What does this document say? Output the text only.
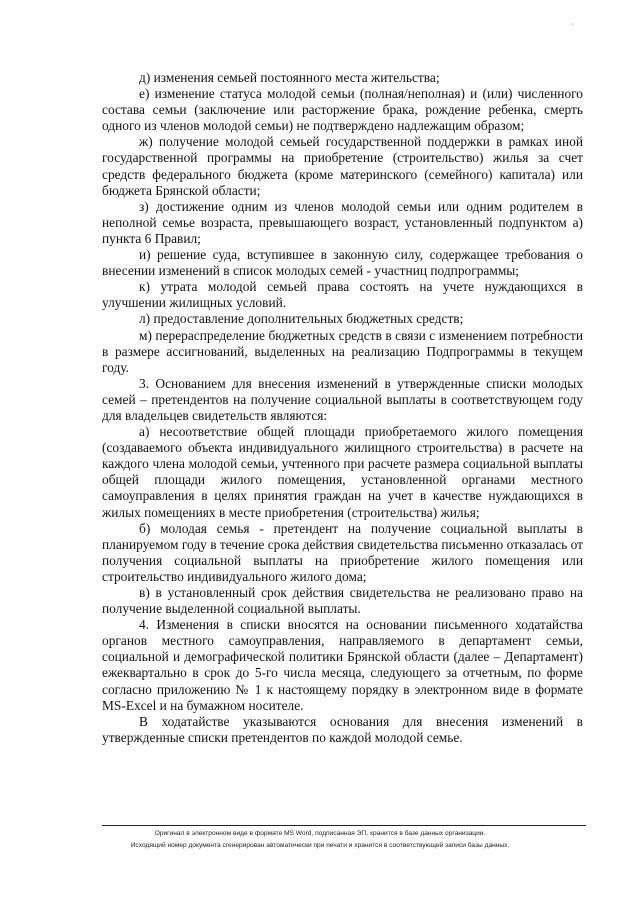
'

д) изменения семьей постоянного места жительства;

е) изменение статуса молодой семьи (полная/неполная) и (или) численного состава семьи (заключение или расторжение брака, рождение ребенка, смерть одного из членов молодой семьи) не подтверждено надлежащим образом;

ж) получение молодой семьей государственной поддержки в рамках иной государственной программы на приобретение (строительство) жилья за счет средств федерального бюджета (кроме материнского (семейного) капитала) или бюджета Брянской области;

з) достижение одним из членов молодой семьи или одним родителем в неполной семье возраста, превышающего возраст, установленный подпунктом а) пункта 6 Правил;

и) решение суда, вступившее в законную силу, содержащее требования о внесении изменений в список молодых семей - участниц подпрограммы;

к) утрата молодой семьей права состоять на учете нуждающихся в улучшении жилищных условий.

л) предоставление дополнительных бюджетных средств;

м) перераспределение бюджетных средств в связи с изменением потребности в размере ассигнований, выделенных на реализацию Подпрограммы в текущем году.

3. Основанием для внесения изменений в утвержденные списки молодых семей – претендентов на получение социальной выплаты в соответствующем году для владельцев свидетельств являются:

а) несоответствие общей площади приобретаемого жилого помещения (создаваемого объекта индивидуального жилищного строительства) в расчете на каждого члена молодой семьи, учтенного при расчете размера социальной выплаты общей площади жилого помещения, установленной органами местного самоуправления в целях принятия граждан на учет в качестве нуждающихся в жилых помещениях в месте приобретения (строительства) жилья;

б) молодая семья - претендент на получение социальной выплаты в планируемом году в течение срока действия свидетельства письменно отказалась от получения социальной выплаты на приобретение жилого помещения или строительство индивидуального жилого дома;

в) в установленный срок действия свидетельства не реализовано право на получение выделенной социальной выплаты.

4. Изменения в списки вносятся на основании письменного ходатайства органов местного самоуправления, направляемого в департамент семьи, социальной и демографической политики Брянской области (далее – Департамент) ежеквартально в срок до 5-го числа месяца, следующего за отчетным, по форме согласно приложению № 1 к настоящему порядку в электронном виде в формате MS-Excel и на бумажном носителе.

В ходатайстве указываются основания для внесения изменений в утвержденные списки претендентов по каждой молодой семье.

Оригинал в электронном виде в формате MS Word, подписанная ЭП, хранится в базе данных организации.
Исходящий номер документа сгенерирован автоматически при печати и хранится в соответствующей записи базы данных.
